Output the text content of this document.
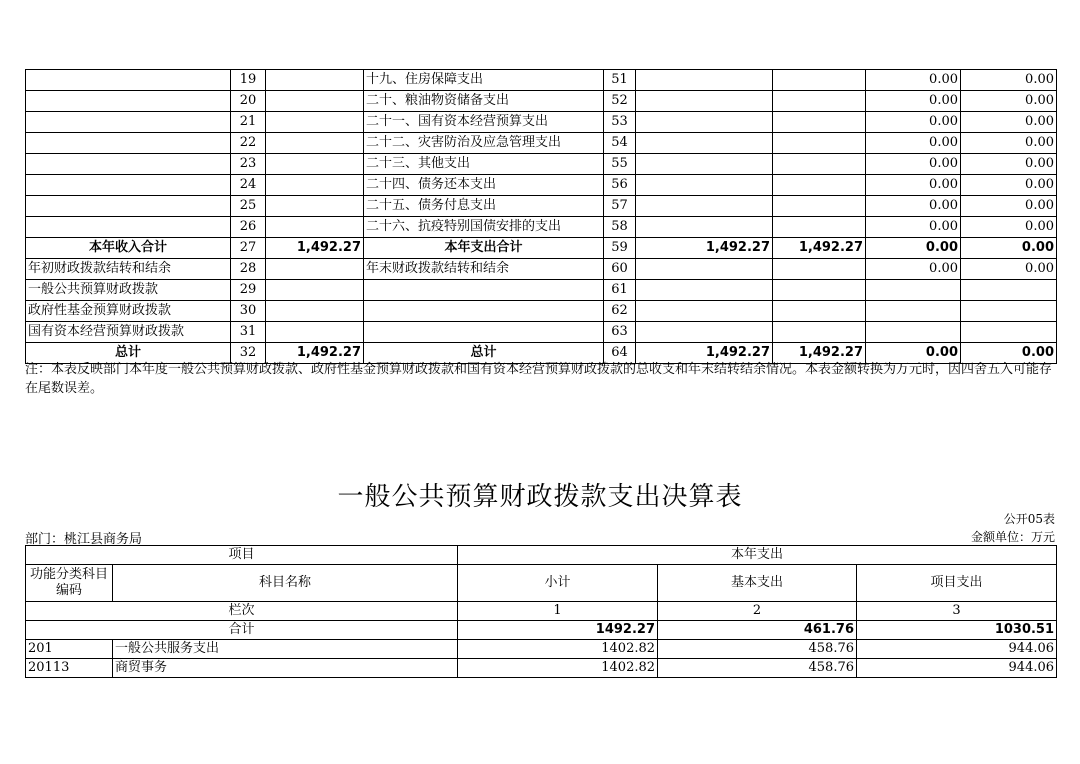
	19		十九、住房保障支出	51			0.00	0.00
	20		二十、粮油物资储备支出	52			0.00	0.00
	21		二十一、国有资本经营预算支出	53			0.00	0.00
	22		二十二、灾害防治及应急管理支出	54			0.00	0.00
	23		二十三、其他支出	55			0.00	0.00
	24		二十四、债务还本支出	56			0.00	0.00
	25		二十五、债务付息支出	57			0.00	0.00
	26		二十六、抗疫特别国债安排的支出	58			0.00	0.00
本年收入合计	27	1,492.27	本年支出合计	59	1,492.27	1,492.27	0.00	0.00
年初财政拨款结转和结余	28		年末财政拨款结转和结余	60			0.00	0.00
一般公共预算财政拨款	29			61				
政府性基金预算财政拨款	30			62				
国有资本经营预算财政拨款	31			63				
总计	32	1,492.27	总计	64	1,492.27	1,492.27	0.00	0.00
注：本表反映部门本年度一般公共预算财政拨款、政府性基金预算财政拨款和国有资本经营预算财政拨款的总收支和年末结转结余情况。本表金额转换为万元时，因四舍五入可能存在尾数误差。
一般公共预算财政拨款支出决算表
公开05表
部门：桃江县商务局	金额单位：万元
项目		本年支出		
功能分类科目编码	科目名称	小计	基本支出	项目支出
栏次		1	2	3
合计		1492.27	461.76	1030.51
201	一般公共服务支出	1402.82	458.76	944.06
20113	商贸事务	1402.82	458.76	944.06
